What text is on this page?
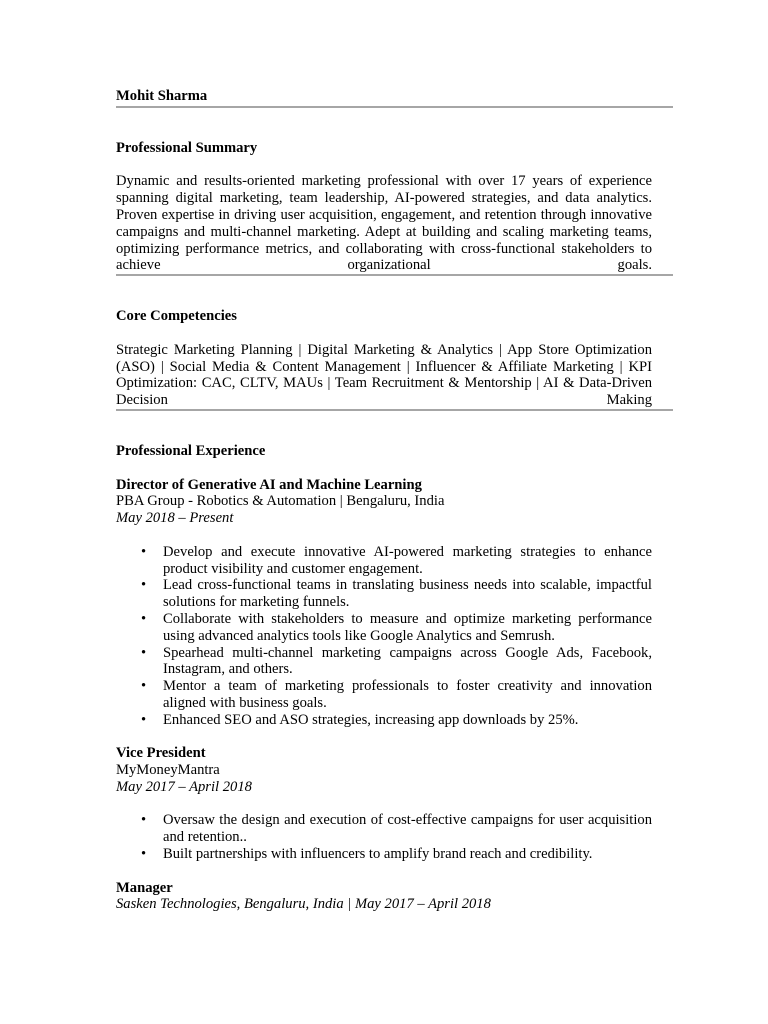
Mohit Sharma

Professional Summary

Dynamic and results-oriented marketing professional with over 17 years of experience spanning digital marketing, team leadership, AI-powered strategies, and data analytics. Proven expertise in driving user acquisition, engagement, and retention through innovative campaigns and multi-channel marketing. Adept at building and scaling marketing teams, optimizing performance metrics, and collaborating with cross-functional stakeholders to achieve organizational goals.

Core Competencies

Strategic Marketing Planning | Digital Marketing & Analytics | App Store Optimization (ASO) | Social Media & Content Management | Influencer & Affiliate Marketing | KPI Optimization: CAC, CLTV, MAUs | Team Recruitment & Mentorship | AI & Data-Driven Decision Making

Professional Experience

Director of Generative AI and Machine Learning

PBA Group - Robotics & Automation | Bengaluru, India

May 2018 – Present

• Develop and execute innovative AI-powered marketing strategies to enhance product visibility and customer engagement.
• Lead cross-functional teams in translating business needs into scalable, impactful solutions for marketing funnels.
• Collaborate with stakeholders to measure and optimize marketing performance using advanced analytics tools like Google Analytics and Semrush.
• Spearhead multi-channel marketing campaigns across Google Ads, Facebook, Instagram, and others.
• Mentor a team of marketing professionals to foster creativity and innovation aligned with business goals.
• Enhanced SEO and ASO strategies, increasing app downloads by 25%.

Vice President

MyMoneyMantra

May 2017 – April 2018

• Oversaw the design and execution of cost-effective campaigns for user acquisition and retention..
• Built partnerships with influencers to amplify brand reach and credibility.

Manager

Sasken Technologies, Bengaluru, India | May 2017 – April 2018
